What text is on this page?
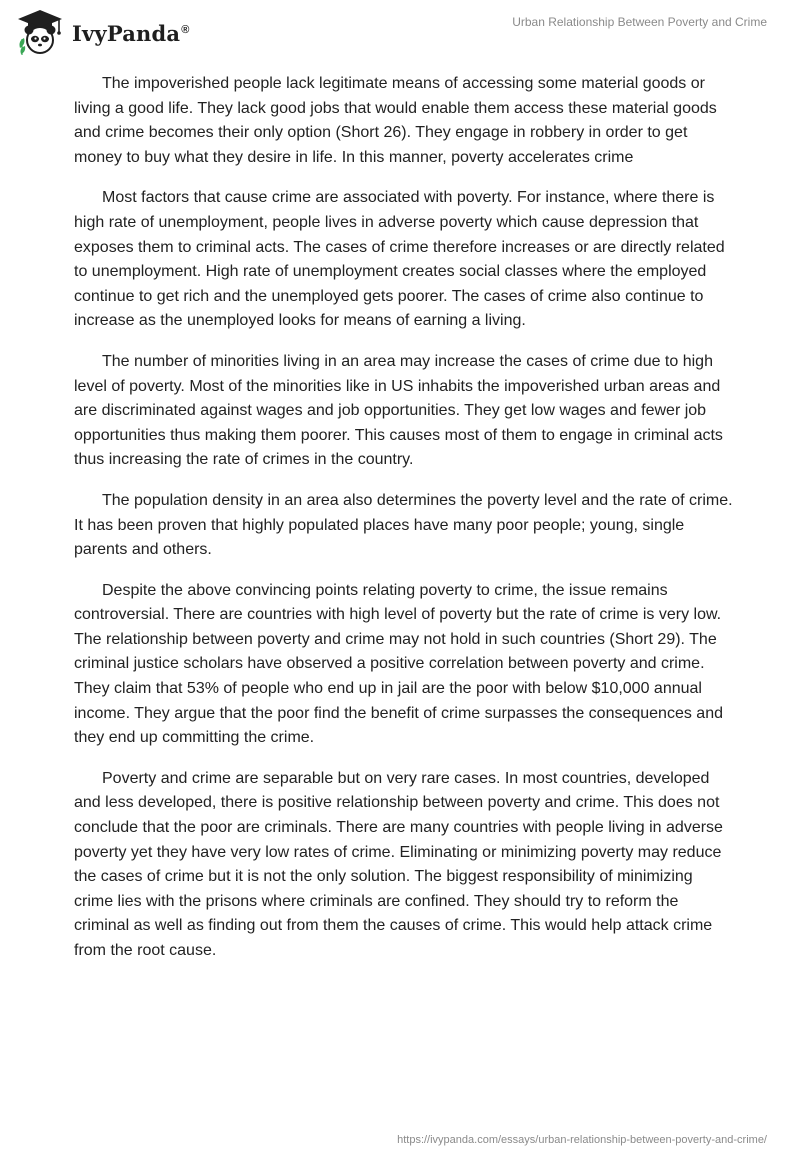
IvyPanda®
Urban Relationship Between Poverty and Crime

The impoverished people lack legitimate means of accessing some material goods or living a good life. They lack good jobs that would enable them access these material goods and crime becomes their only option (Short 26). They engage in robbery in order to get money to buy what they desire in life. In this manner, poverty accelerates crime

Most factors that cause crime are associated with poverty. For instance, where there is high rate of unemployment, people lives in adverse poverty which cause depression that exposes them to criminal acts. The cases of crime therefore increases or are directly related to unemployment. High rate of unemployment creates social classes where the employed continue to get rich and the unemployed gets poorer. The cases of crime also continue to increase as the unemployed looks for means of earning a living.

The number of minorities living in an area may increase the cases of crime due to high level of poverty. Most of the minorities like in US inhabits the impoverished urban areas and are discriminated against wages and job opportunities. They get low wages and fewer job opportunities thus making them poorer. This causes most of them to engage in criminal acts thus increasing the rate of crimes in the country.

The population density in an area also determines the poverty level and the rate of crime. It has been proven that highly populated places have many poor people; young, single parents and others.

Despite the above convincing points relating poverty to crime, the issue remains controversial. There are countries with high level of poverty but the rate of crime is very low. The relationship between poverty and crime may not hold in such countries (Short 29). The criminal justice scholars have observed a positive correlation between poverty and crime. They claim that 53% of people who end up in jail are the poor with below $10,000 annual income. They argue that the poor find the benefit of crime surpasses the consequences and they end up committing the crime.

Poverty and crime are separable but on very rare cases. In most countries, developed and less developed, there is positive relationship between poverty and crime. This does not conclude that the poor are criminals. There are many countries with people living in adverse poverty yet they have very low rates of crime. Eliminating or minimizing poverty may reduce the cases of crime but it is not the only solution. The biggest responsibility of minimizing crime lies with the prisons where criminals are confined. They should try to reform the criminal as well as finding out from them the causes of crime. This would help attack crime from the root cause.

https://ivypanda.com/essays/urban-relationship-between-poverty-and-crime/
